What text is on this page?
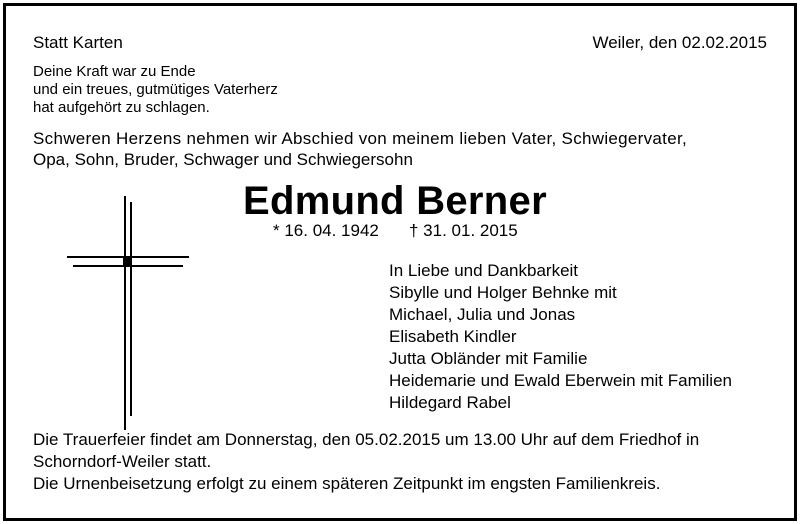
Statt Karten	Weiler, den 02.02.2015
Deine Kraft war zu Ende
und ein treues, gutmütiges Vaterherz
hat aufgehört zu schlagen.
Schweren Herzens nehmen wir Abschied von meinem lieben Vater, Schwiegervater,
Opa, Sohn, Bruder, Schwager und Schwiegersohn
Edmund Berner
* 16. 04. 1942 † 31. 01. 2015
In Liebe und Dankbarkeit
Sibylle und Holger Behnke mit
Michael, Julia und Jonas
Elisabeth Kindler
Jutta Obländer mit Familie
Heidemarie und Ewald Eberwein mit Familien
Hildegard Rabel
Die Trauerfeier findet am Donnerstag, den 05.02.2015 um 13.00 Uhr auf dem Friedhof in
Schorndorf-Weiler statt.
Die Urnenbeisetzung erfolgt zu einem späteren Zeitpunkt im engsten Familienkreis.
